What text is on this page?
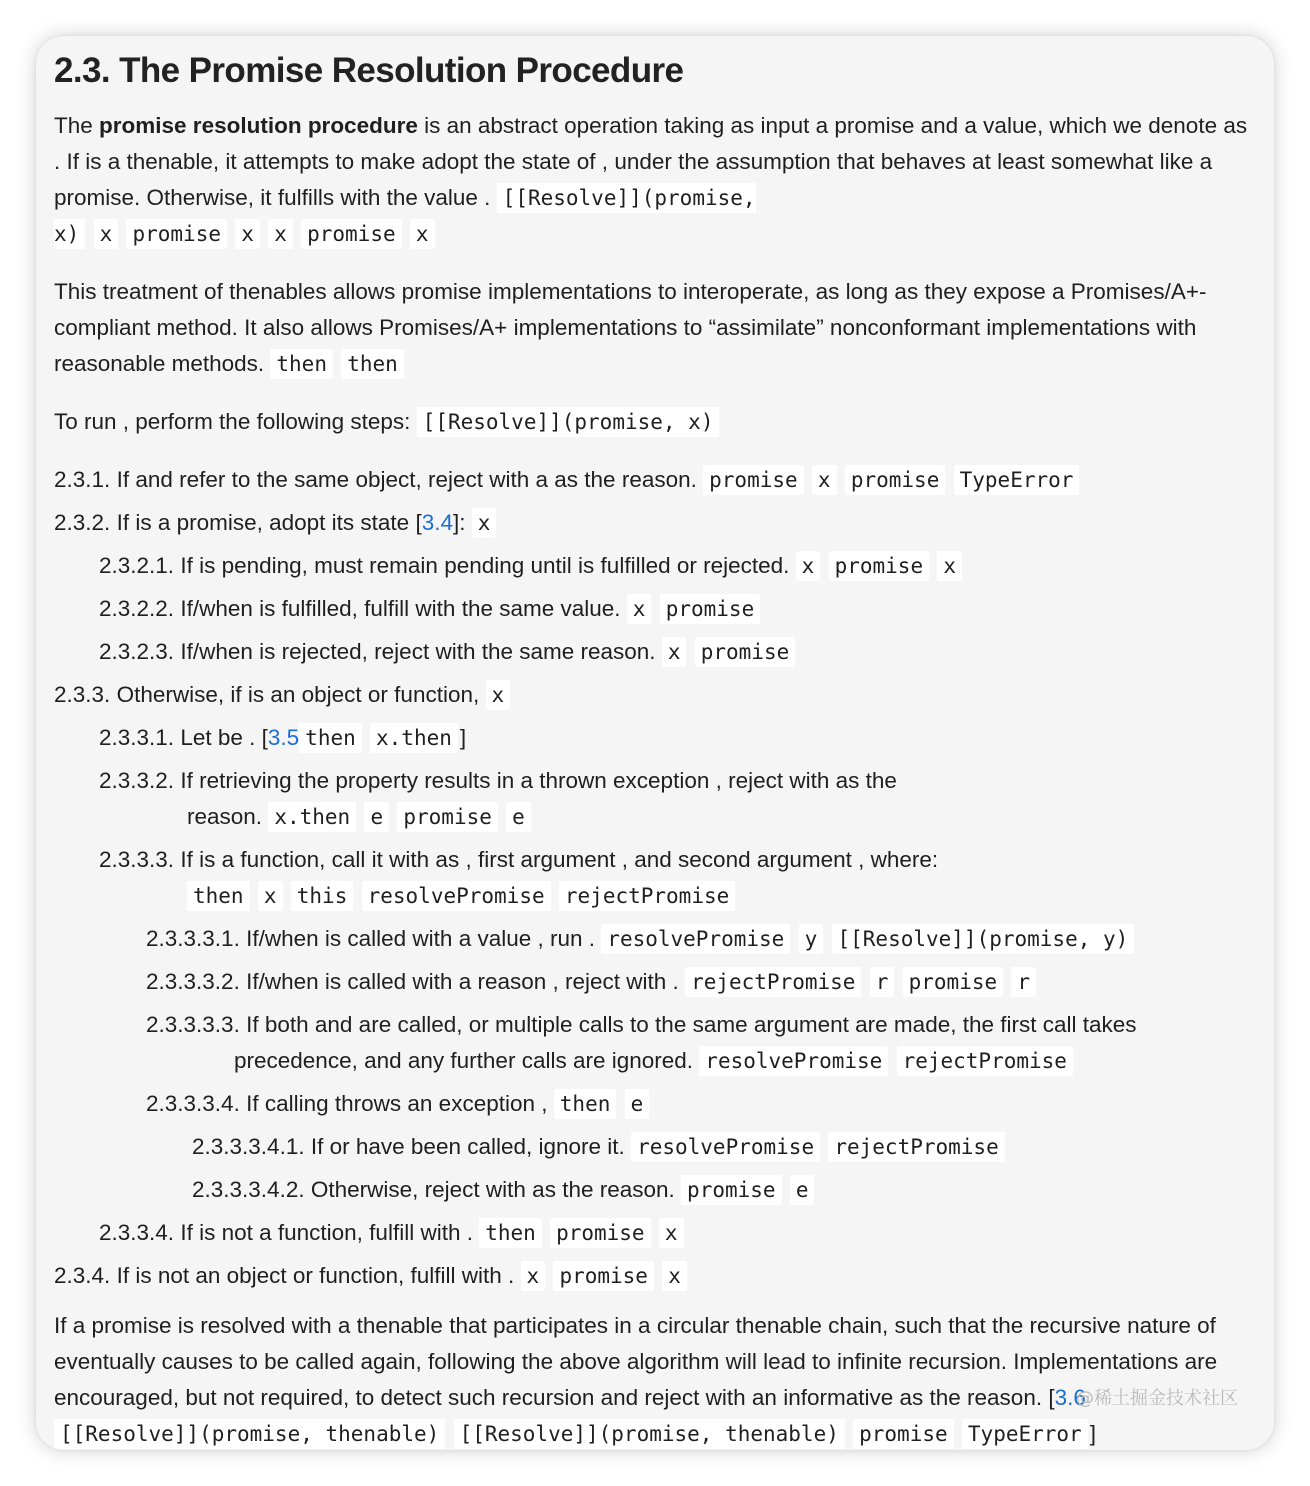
2.3. The Promise Resolution Procedure

The promise resolution procedure is an abstract operation taking as input a promise and a value, which we denote as . If is a thenable, it attempts to make adopt the state of , under the assumption that behaves at least somewhat like a promise. Otherwise, it fulfills with the value . [[Resolve]](promise,
x) x promise x x promise x

This treatment of thenables allows promise implementations to interoperate, as long as they expose a Promises/A+-compliant method. It also allows Promises/A+ implementations to “assimilate” nonconformant implementations with reasonable methods. then then

To run , perform the following steps: [[Resolve]](promise, x)

2.3.1. If and refer to the same object, reject with a as the reason. promise x promise TypeError
2.3.2. If is a promise, adopt its state [3.4]: x
2.3.2.1. If is pending, must remain pending until is fulfilled or rejected. x promise x
2.3.2.2. If/when is fulfilled, fulfill with the same value. x promise
2.3.2.3. If/when is rejected, reject with the same reason. x promise
2.3.3. Otherwise, if is an object or function, x
2.3.3.1. Let be . [3.5 then x.then ]
2.3.3.2. If retrieving the property results in a thrown exception , reject with as the
reason. x.then e promise e
2.3.3.3. If is a function, call it with as , first argument , and second argument , where:
then x this resolvePromise rejectPromise
2.3.3.3.1. If/when is called with a value , run . resolvePromise y [[Resolve]](promise, y)
2.3.3.3.2. If/when is called with a reason , reject with . rejectPromise r promise r
2.3.3.3.3. If both and are called, or multiple calls to the same argument are made, the first call takes
precedence, and any further calls are ignored. resolvePromise rejectPromise
2.3.3.3.4. If calling throws an exception , then e
2.3.3.3.4.1. If or have been called, ignore it. resolvePromise rejectPromise
2.3.3.3.4.2. Otherwise, reject with as the reason. promise e
2.3.3.4. If is not a function, fulfill with . then promise x
2.3.4. If is not an object or function, fulfill with . x promise x

If a promise is resolved with a thenable that participates in a circular thenable chain, such that the recursive nature of eventually causes to be called again, following the above algorithm will lead to infinite recursion. Implementations are encouraged, but not required, to detect such recursion and reject with an informative as the reason. [3.6 [[Resolve]](promise, thenable) [[Resolve]](promise, thenable) promise TypeError ]

@稀土掘金技术社区
